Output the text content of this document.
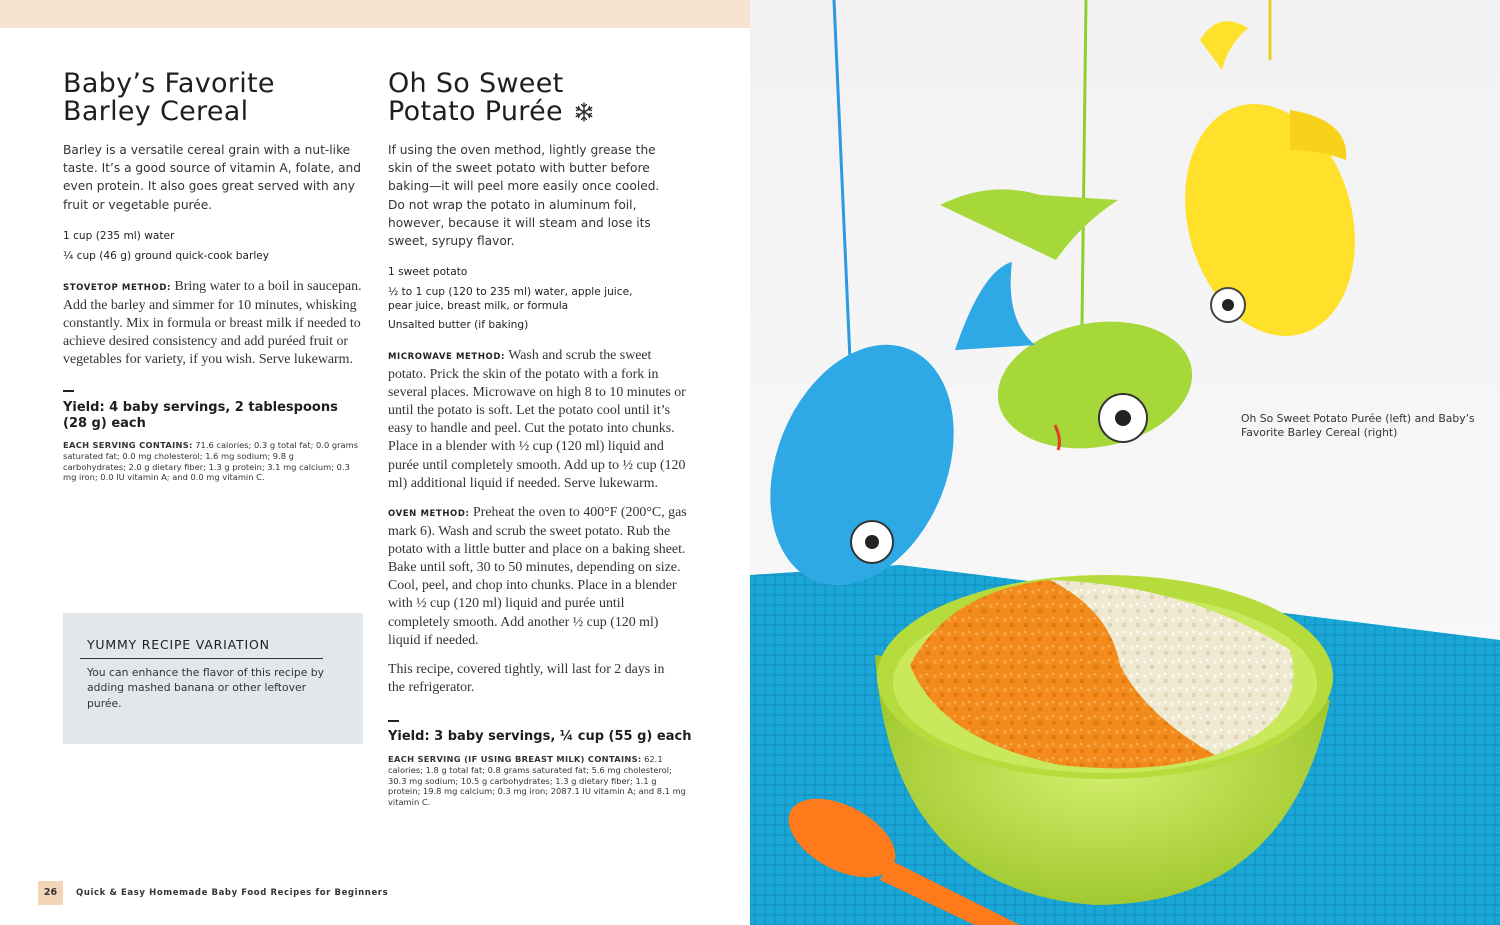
Baby’s Favorite
Barley Cereal

Barley is a versatile cereal grain with a nut-like taste. It’s a good source of vitamin A, folate, and even protein. It also goes great served with any fruit or vegetable purée.

1 cup (235 ml) water

¼ cup (46 g) ground quick-cook barley

STOVETOP METHOD: Bring water to a boil in saucepan. Add the barley and simmer for 10 minutes, whisking constantly. Mix in formula or breast milk if needed to achieve desired consistency and add puréed fruit or vegetables for variety, if you wish. Serve lukewarm.

Yield: 4 baby servings, 2 tablespoons (28 g) each

EACH SERVING CONTAINS: 71.6 calories; 0.3 g total fat; 0.0 grams saturated fat; 0.0 mg cholesterol; 1.6 mg sodium; 9.8 g carbohydrates; 2.0 g dietary fiber; 1.3 g protein; 3.1 mg calcium; 0.3 mg iron; 0.0 IU vitamin A; and 0.0 mg vitamin C.

YUMMY RECIPE VARIATION

You can enhance the flavor of this recipe by adding mashed banana or other leftover purée.

Oh So Sweet
Potato Purée

If using the oven method, lightly grease the skin of the sweet potato with butter before baking—it will peel more easily once cooled. Do not wrap the potato in aluminum foil, however, because it will steam and lose its sweet, syrupy flavor.

1 sweet potato

½ to 1 cup (120 to 235 ml) water, apple juice, pear juice, breast milk, or formula

Unsalted butter (if baking)

MICROWAVE METHOD: Wash and scrub the sweet potato. Prick the skin of the potato with a fork in several places. Microwave on high 8 to 10 minutes or until the potato is soft. Let the potato cool until it’s easy to handle and peel. Cut the potato into chunks. Place in a blender with ½ cup (120 ml) liquid and purée until completely smooth. Add up to ½ cup (120 ml) additional liquid if needed. Serve lukewarm.

OVEN METHOD: Preheat the oven to 400°F (200°C, gas mark 6). Wash and scrub the sweet potato. Rub the potato with a little butter and place on a baking sheet. Bake until soft, 30 to 50 minutes, depending on size. Cool, peel, and chop into chunks. Place in a blender with ½ cup (120 ml) liquid and purée until completely smooth. Add another ½ cup (120 ml) liquid if needed.

This recipe, covered tightly, will last for 2 days in the refrigerator.

Yield: 3 baby servings, ¼ cup (55 g) each

EACH SERVING (IF USING BREAST MILK) CONTAINS: 62.1 calories; 1.8 g total fat; 0.8 grams saturated fat; 5.6 mg cholesterol; 30.3 mg sodium; 10.5 g carbohydrates; 1.3 g dietary fiber; 1.1 g protein; 19.8 mg calcium; 0.3 mg iron; 2087.1 IU vitamin A; and 8.1 mg vitamin C.

26	Quick & Easy Homemade Baby Food Recipes for Beginners

Oh So Sweet Potato Purée (left) and Baby’s Favorite Barley Cereal (right)
